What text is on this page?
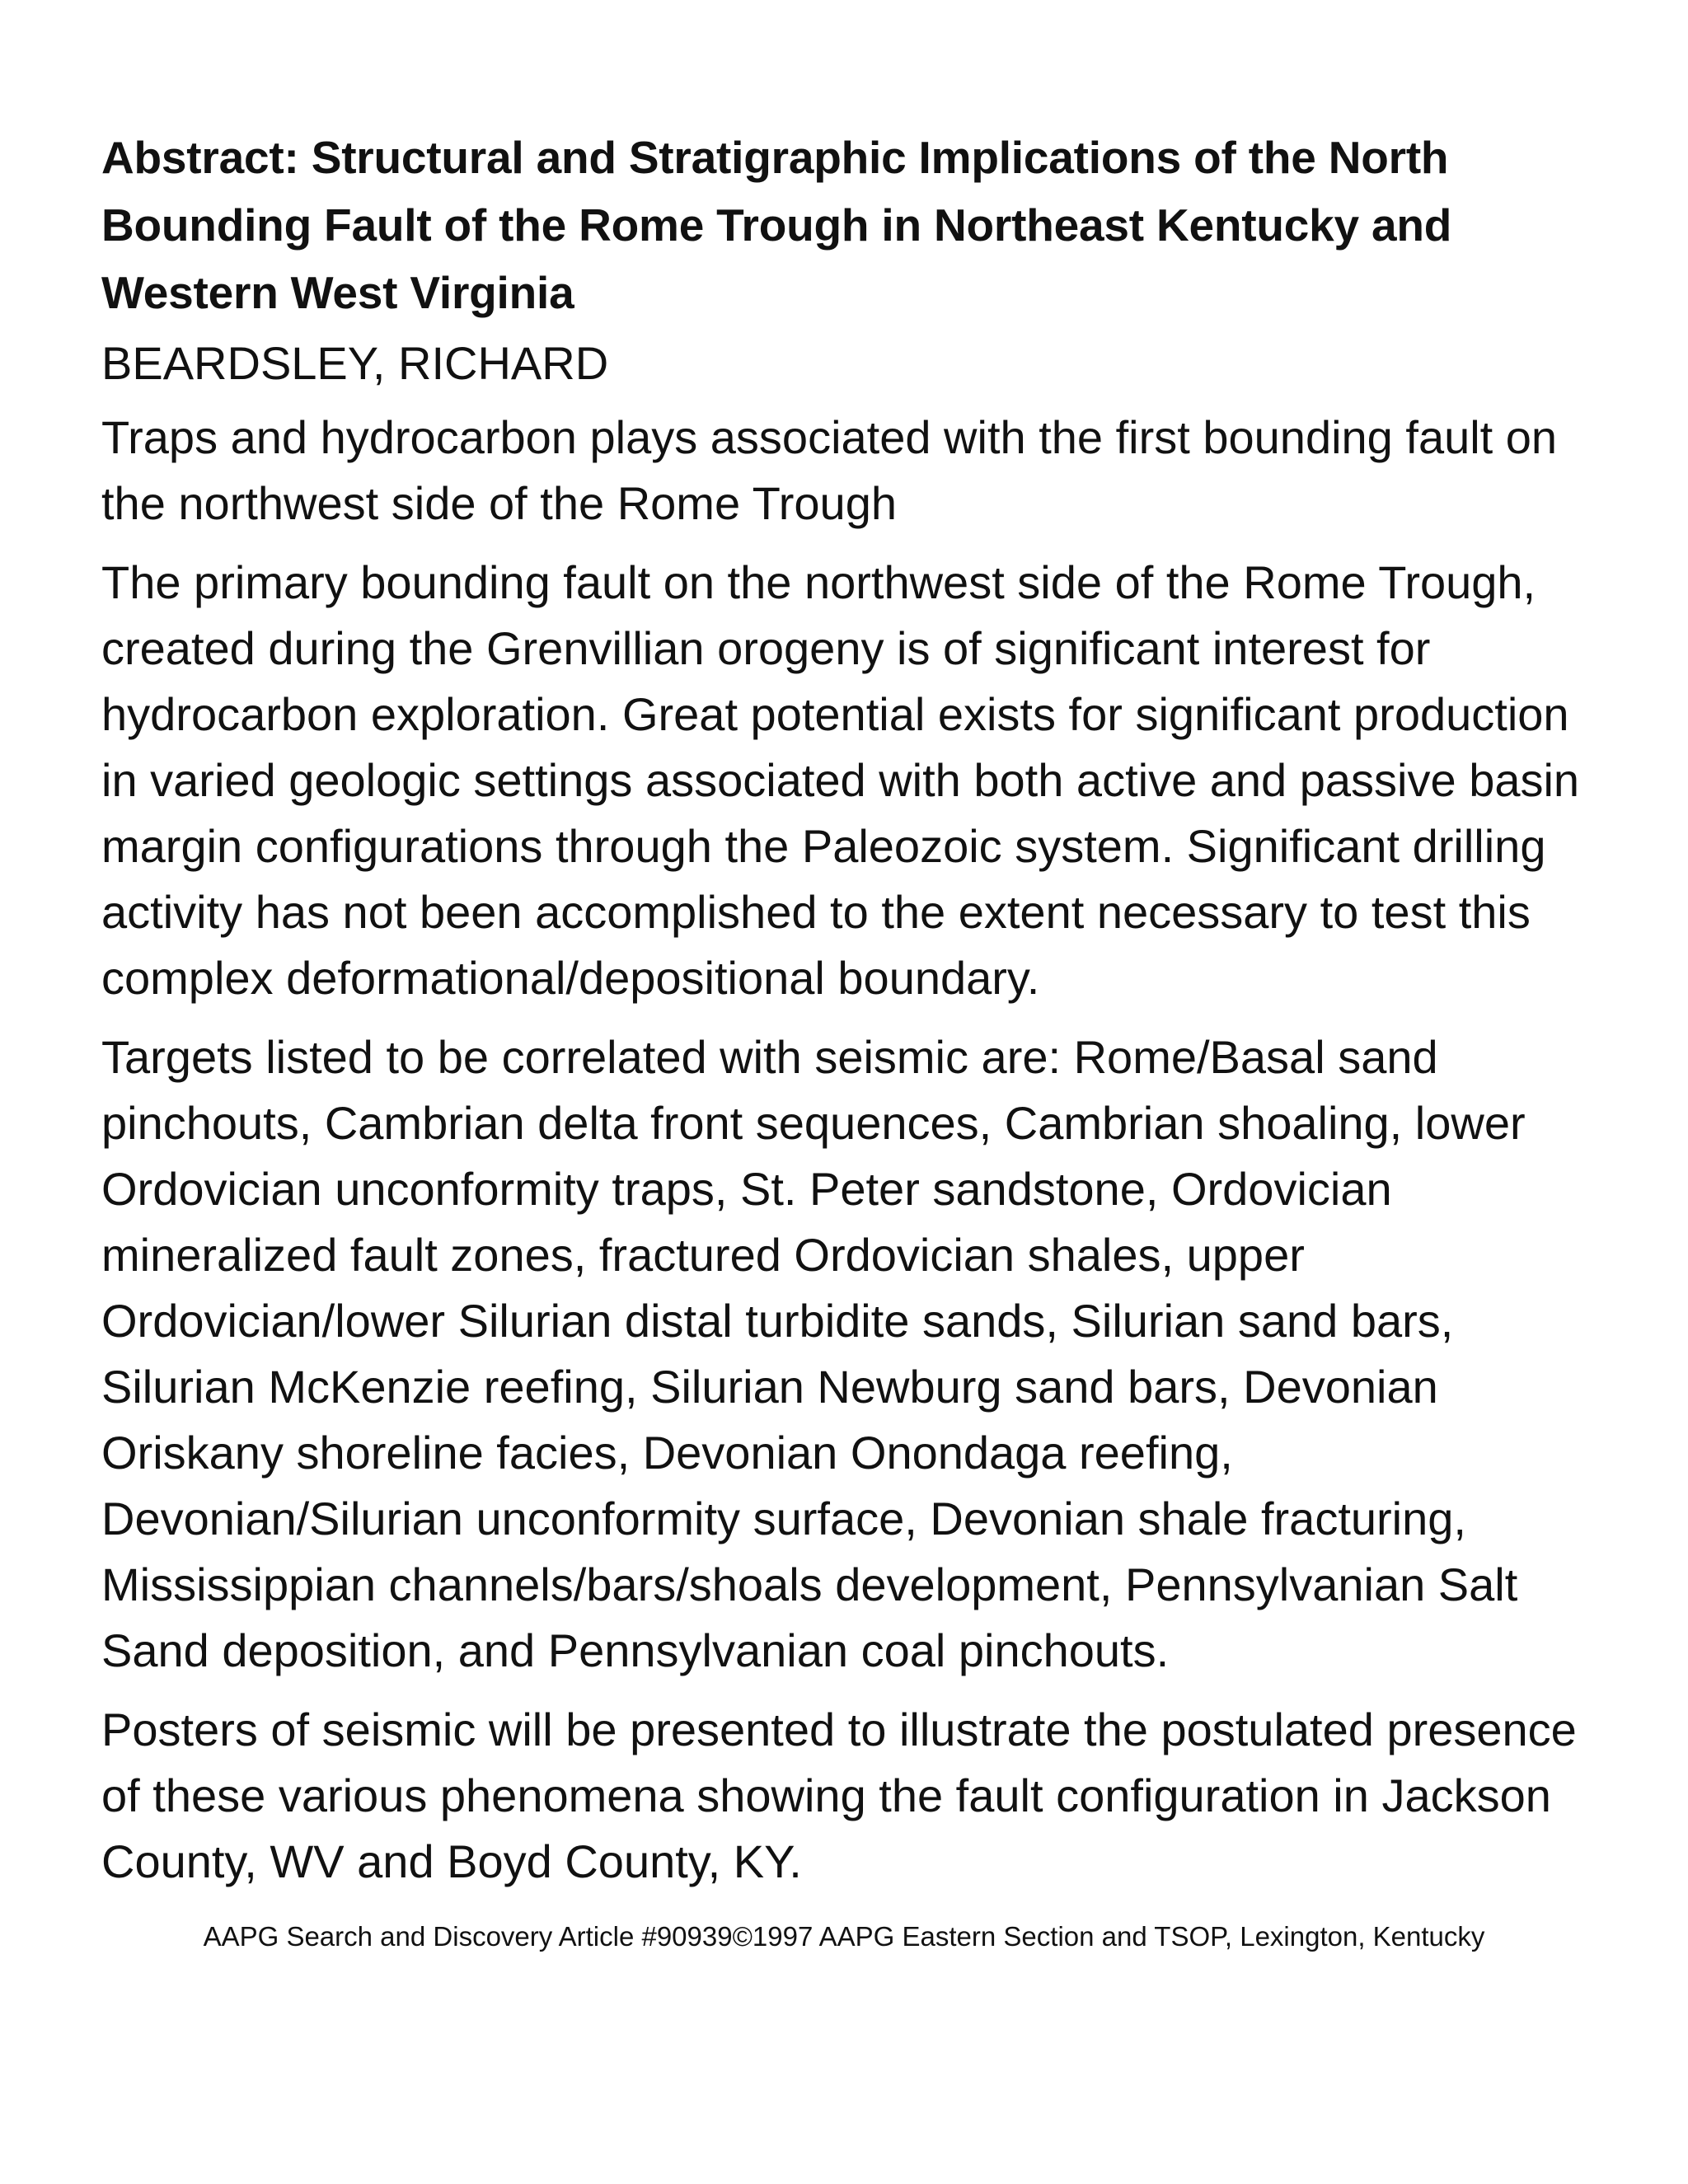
Abstract: Structural and Stratigraphic Implications of the North Bounding Fault of the Rome Trough in Northeast Kentucky and Western West Virginia
BEARDSLEY, RICHARD

Traps and hydrocarbon plays associated with the first bounding fault on the northwest side of the Rome Trough

The primary bounding fault on the northwest side of the Rome Trough, created during the Grenvillian orogeny is of significant interest for hydrocarbon exploration. Great potential exists for significant production in varied geologic settings associated with both active and passive basin margin configurations through the Paleozoic system. Significant drilling activity has not been accomplished to the extent necessary to test this complex deformational/depositional boundary.

Targets listed to be correlated with seismic are: Rome/Basal sand pinchouts, Cambrian delta front sequences, Cambrian shoaling, lower Ordovician unconformity traps, St. Peter sandstone, Ordovician mineralized fault zones, fractured Ordovician shales, upper Ordovician/lower Silurian distal turbidite sands, Silurian sand bars, Silurian McKenzie reefing, Silurian Newburg sand bars, Devonian Oriskany shoreline facies, Devonian Onondaga reefing, Devonian/Silurian unconformity surface, Devonian shale fracturing, Mississippian channels/bars/shoals development, Pennsylvanian Salt Sand deposition, and Pennsylvanian coal pinchouts.

Posters of seismic will be presented to illustrate the postulated presence of these various phenomena showing the fault configuration in Jackson County, WV and Boyd County, KY.

AAPG Search and Discovery Article #90939©1997 AAPG Eastern Section and TSOP, Lexington, Kentucky
